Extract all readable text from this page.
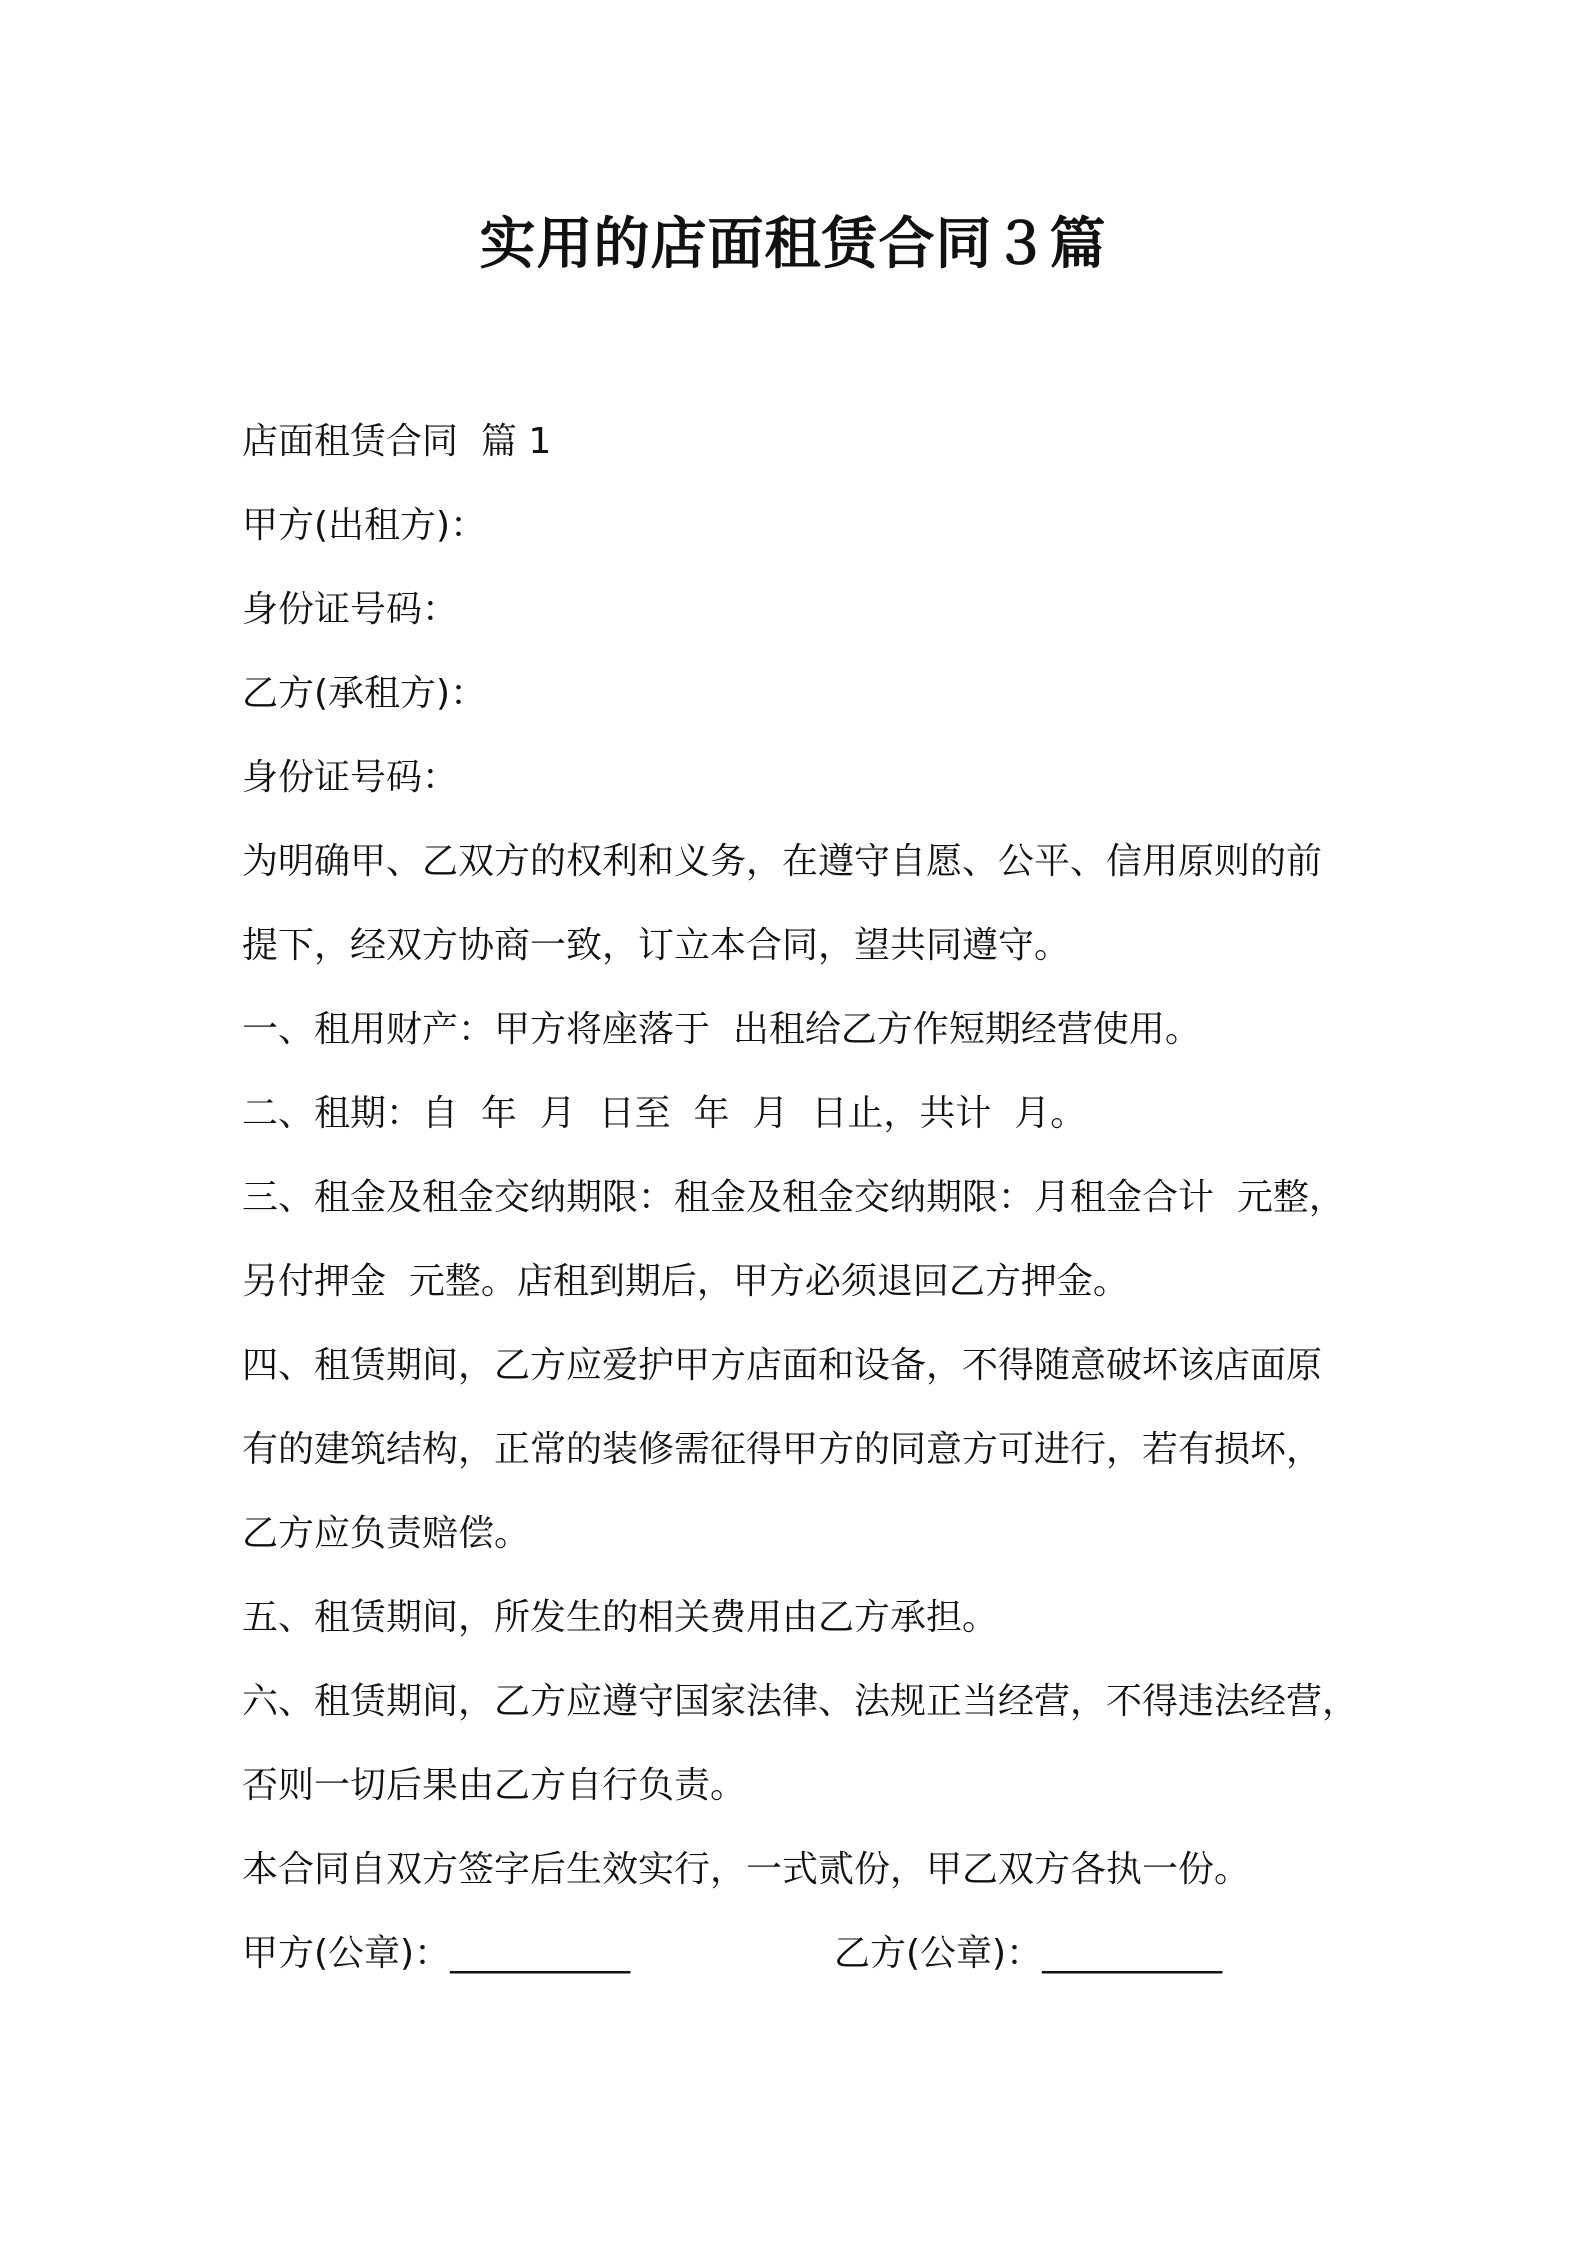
实用的店面租赁合同３篇

店面租赁合同  篇 1

甲方(出租方)：

身份证号码：

乙方(承租方)：

身份证号码：

为明确甲、乙双方的权利和义务，在遵守自愿、公平、信用原则的前

提下，经双方协商一致，订立本合同，望共同遵守。

一、租用财产：甲方将座落于  出租给乙方作短期经营使用。

二、租期：自  年  月  日至  年  月  日止，共计  月。

三、租金及租金交纳期限：租金及租金交纳期限：月租金合计  元整，

另付押金  元整。店租到期后，甲方必须退回乙方押金。

四、租赁期间，乙方应爱护甲方店面和设备，不得随意破坏该店面原

有的建筑结构，正常的装修需征得甲方的同意方可进行，若有损坏，

乙方应负责赔偿。

五、租赁期间，所发生的相关费用由乙方承担。

六、租赁期间，乙方应遵守国家法律、法规正当经营，不得违法经营，

否则一切后果由乙方自行负责。

本合同自双方签字后生效实行，一式贰份，甲乙双方各执一份。

甲方(公章)：__________

	乙方(公章)：__________
